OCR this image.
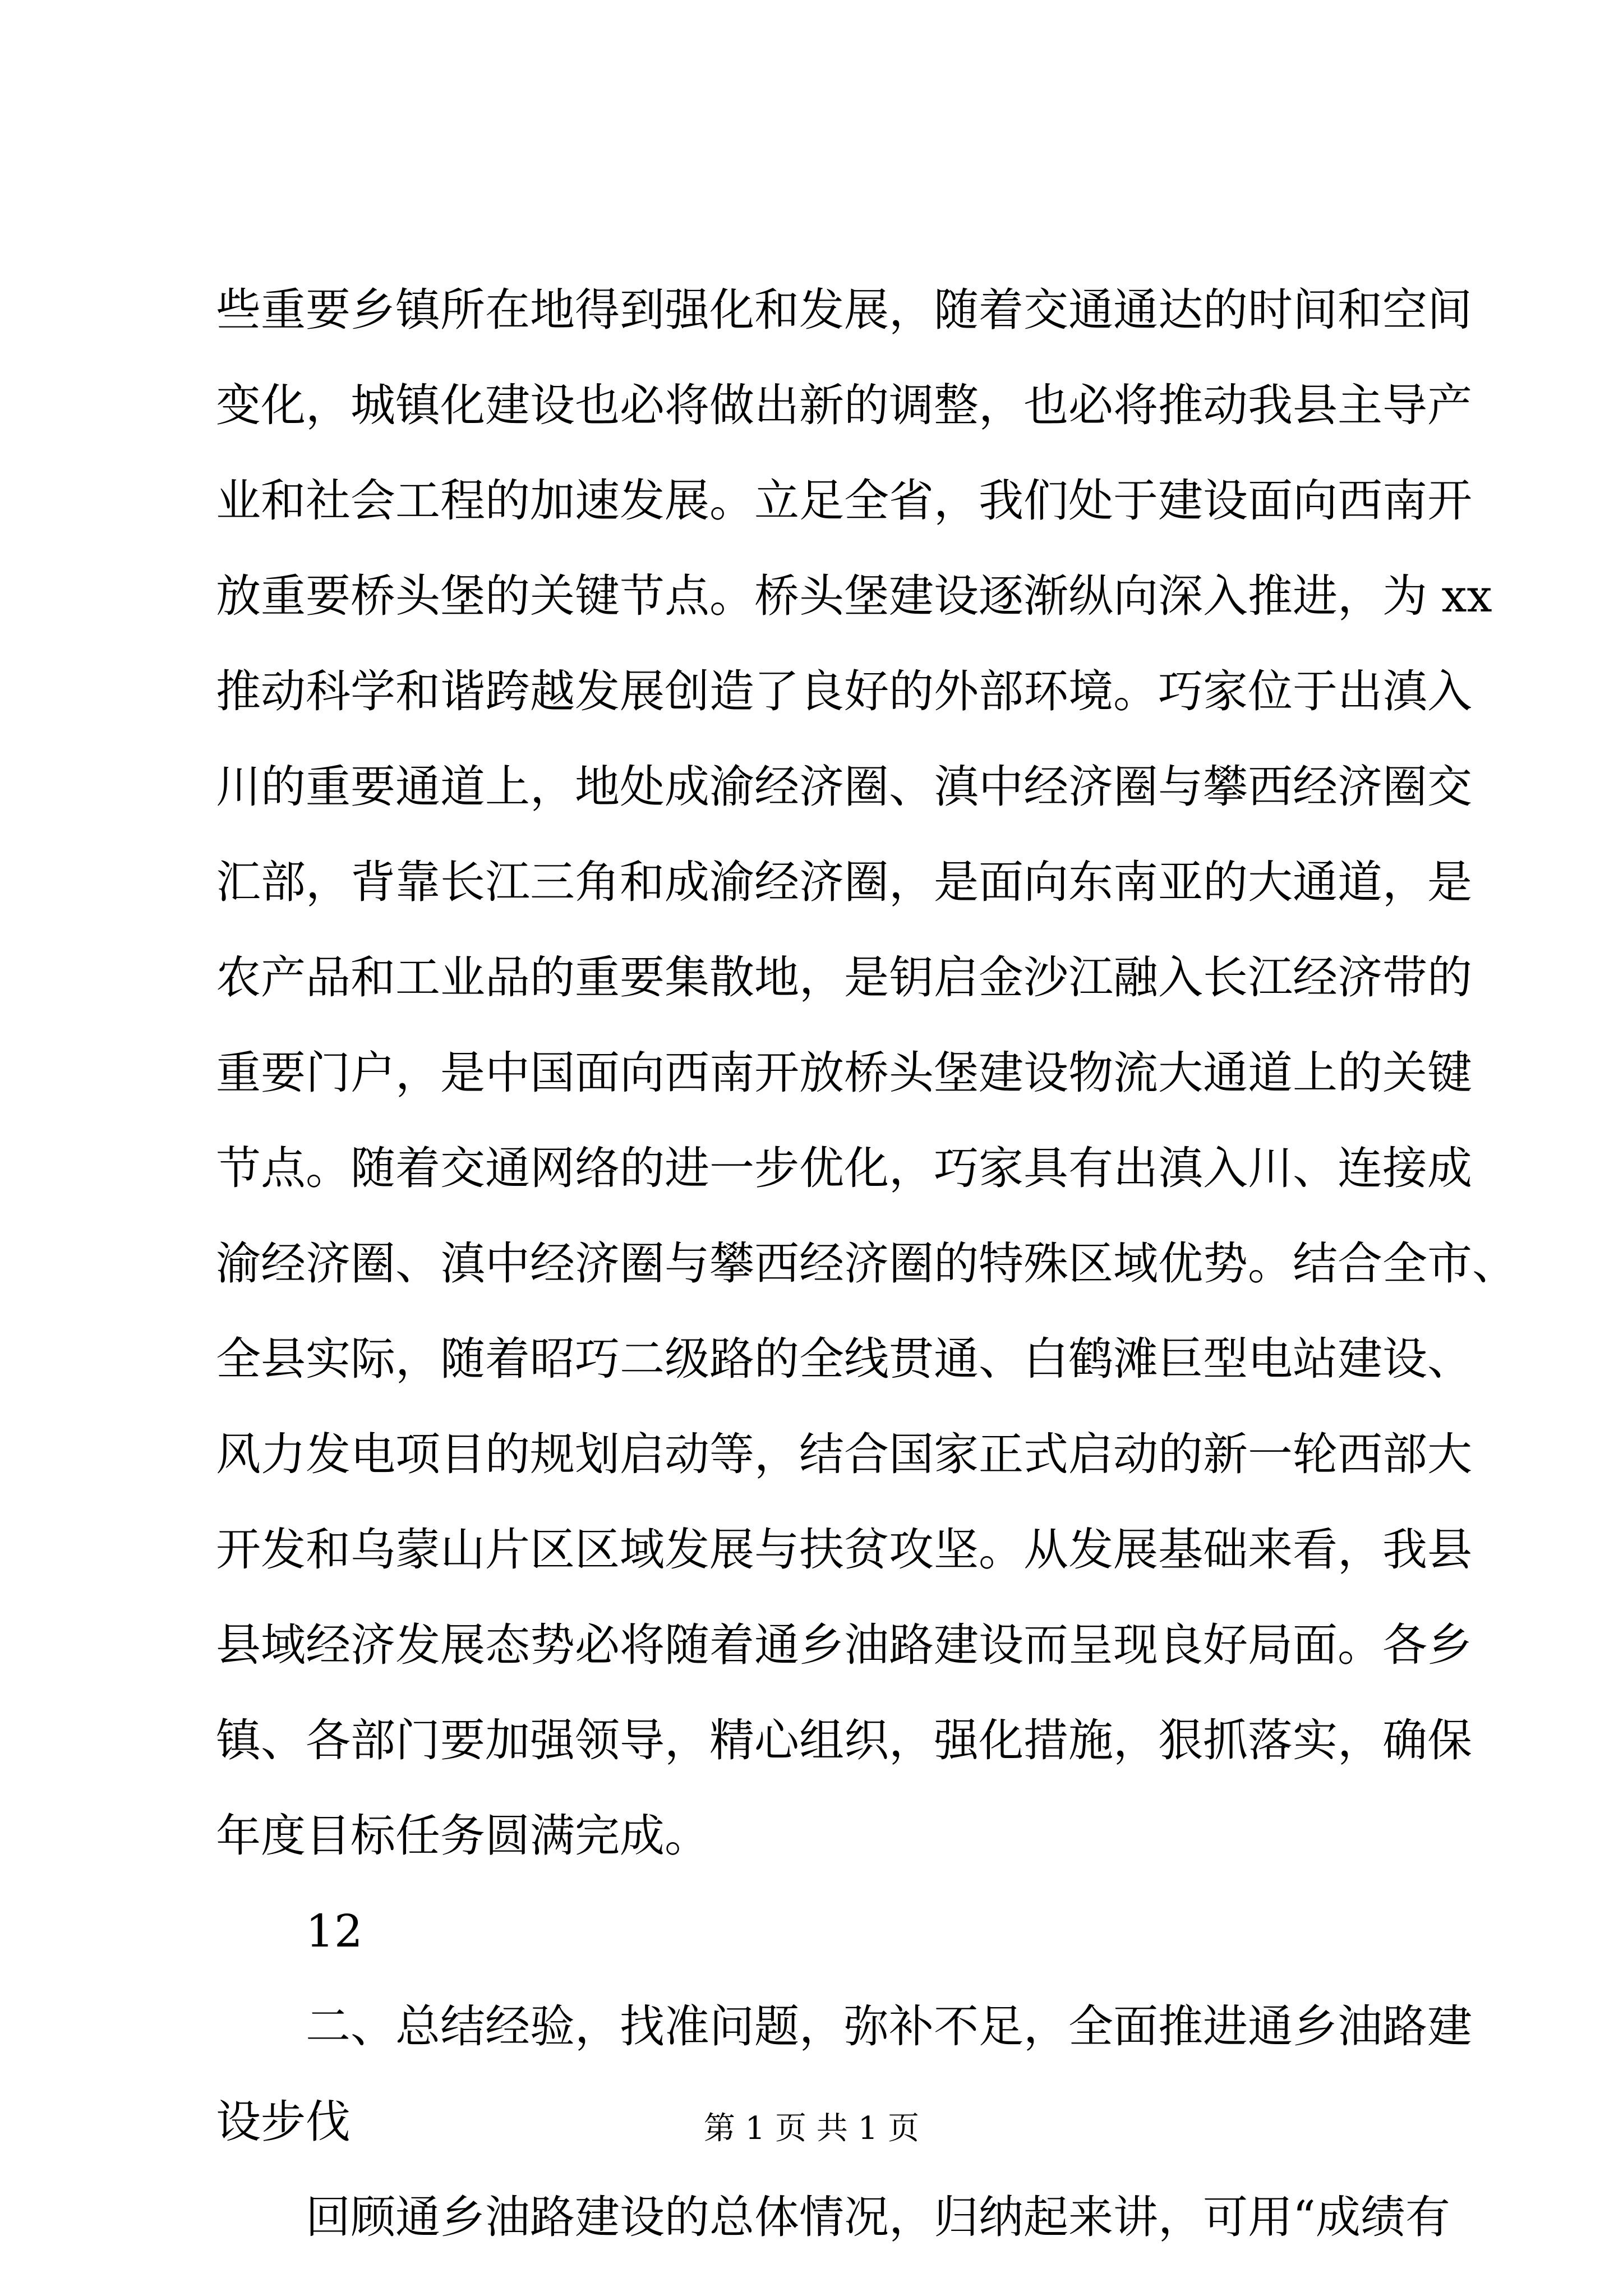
些重要乡镇所在地得到强化和发展，随着交通通达的时间和空间
变化，城镇化建设也必将做出新的调整，也必将推动我县主导产
业和社会工程的加速发展。立足全省，我们处于建设面向西南开
放重要桥头堡的关键节点。桥头堡建设逐渐纵向深入推进，为 xx
推动科学和谐跨越发展创造了良好的外部环境。巧家位于出滇入
川的重要通道上，地处成渝经济圈、滇中经济圈与攀西经济圈交
汇部，背靠长江三角和成渝经济圈，是面向东南亚的大通道，是
农产品和工业品的重要集散地，是钥启金沙江融入长江经济带的
重要门户，是中国面向西南开放桥头堡建设物流大通道上的关键
节点。随着交通网络的进一步优化，巧家具有出滇入川、连接成
渝经济圈、滇中经济圈与攀西经济圈的特殊区域优势。结合全市、
全县实际，随着昭巧二级路的全线贯通、白鹤滩巨型电站建设、
风力发电项目的规划启动等，结合国家正式启动的新一轮西部大
开发和乌蒙山片区区域发展与扶贫攻坚。从发展基础来看，我县
县域经济发展态势必将随着通乡油路建设而呈现良好局面。各乡
镇、各部门要加强领导，精心组织，强化措施，狠抓落实，确保
年度目标任务圆满完成。
12
二、总结经验，找准问题，弥补不足，全面推进通乡油路建
设步伐
回顾通乡油路建设的总体情况，归纳起来讲，可用“成绩有
第 1 页 共 1 页
